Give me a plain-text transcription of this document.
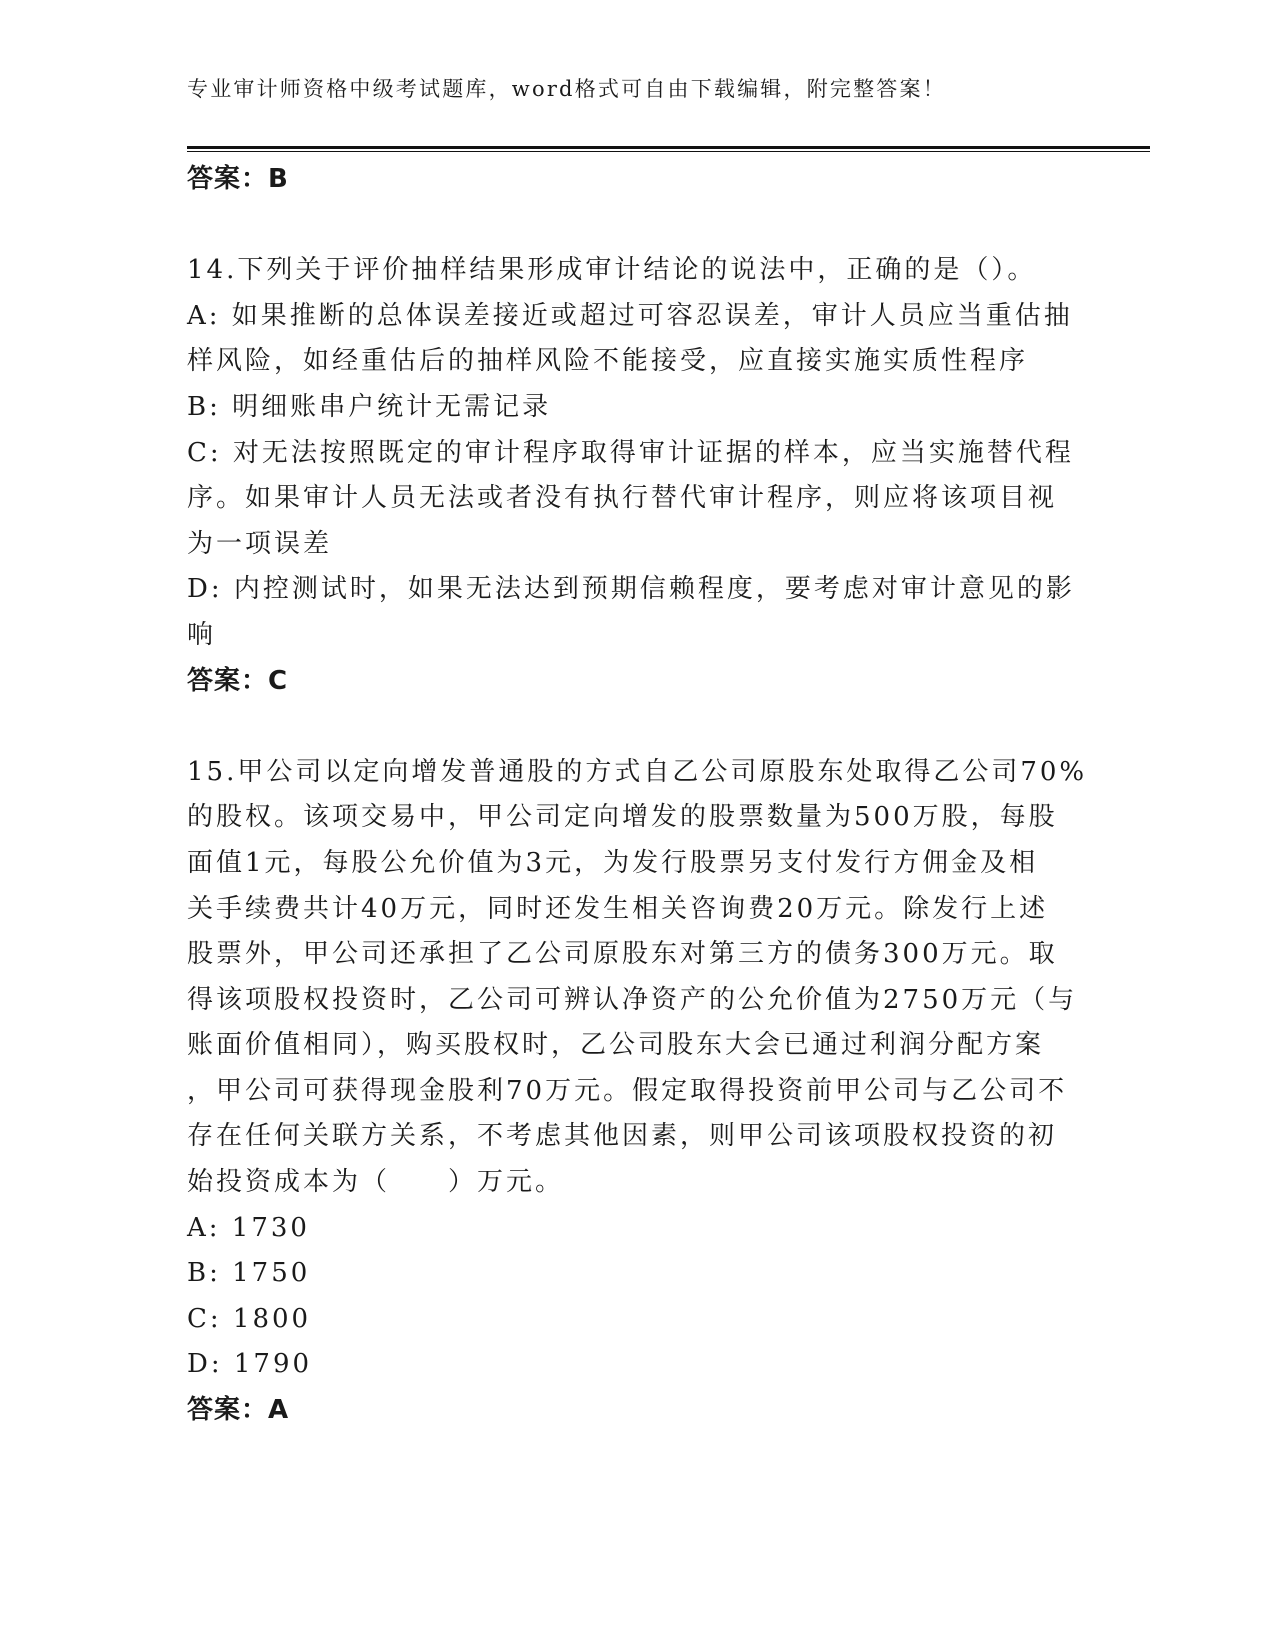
专业审计师资格中级考试题库，word格式可自由下载编辑，附完整答案！

答案：B

14.下列关于评价抽样结果形成审计结论的说法中，正确的是（）。

A: 如果推断的总体误差接近或超过可容忍误差，审计人员应当重估抽

样风险，如经重估后的抽样风险不能接受，应直接实施实质性程序

B: 明细账串户统计无需记录

C: 对无法按照既定的审计程序取得审计证据的样本，应当实施替代程

序。如果审计人员无法或者没有执行替代审计程序，则应将该项目视

为一项误差

D: 内控测试时，如果无法达到预期信赖程度，要考虑对审计意见的影

响

答案：C

15.甲公司以定向增发普通股的方式自乙公司原股东处取得乙公司70%

的股权。该项交易中，甲公司定向增发的股票数量为500万股，每股

面值1元，每股公允价值为3元，为发行股票另支付发行方佣金及相

关手续费共计40万元，同时还发生相关咨询费20万元。除发行上述

股票外，甲公司还承担了乙公司原股东对第三方的债务300万元。取

得该项股权投资时，乙公司可辨认净资产的公允价值为2750万元（与

账面价值相同），购买股权时，乙公司股东大会已通过利润分配方案

，甲公司可获得现金股利70万元。假定取得投资前甲公司与乙公司不

存在任何关联方关系，不考虑其他因素，则甲公司该项股权投资的初

始投资成本为（　　）万元。

A: 1730

B: 1750

C: 1800

D: 1790

答案：A
